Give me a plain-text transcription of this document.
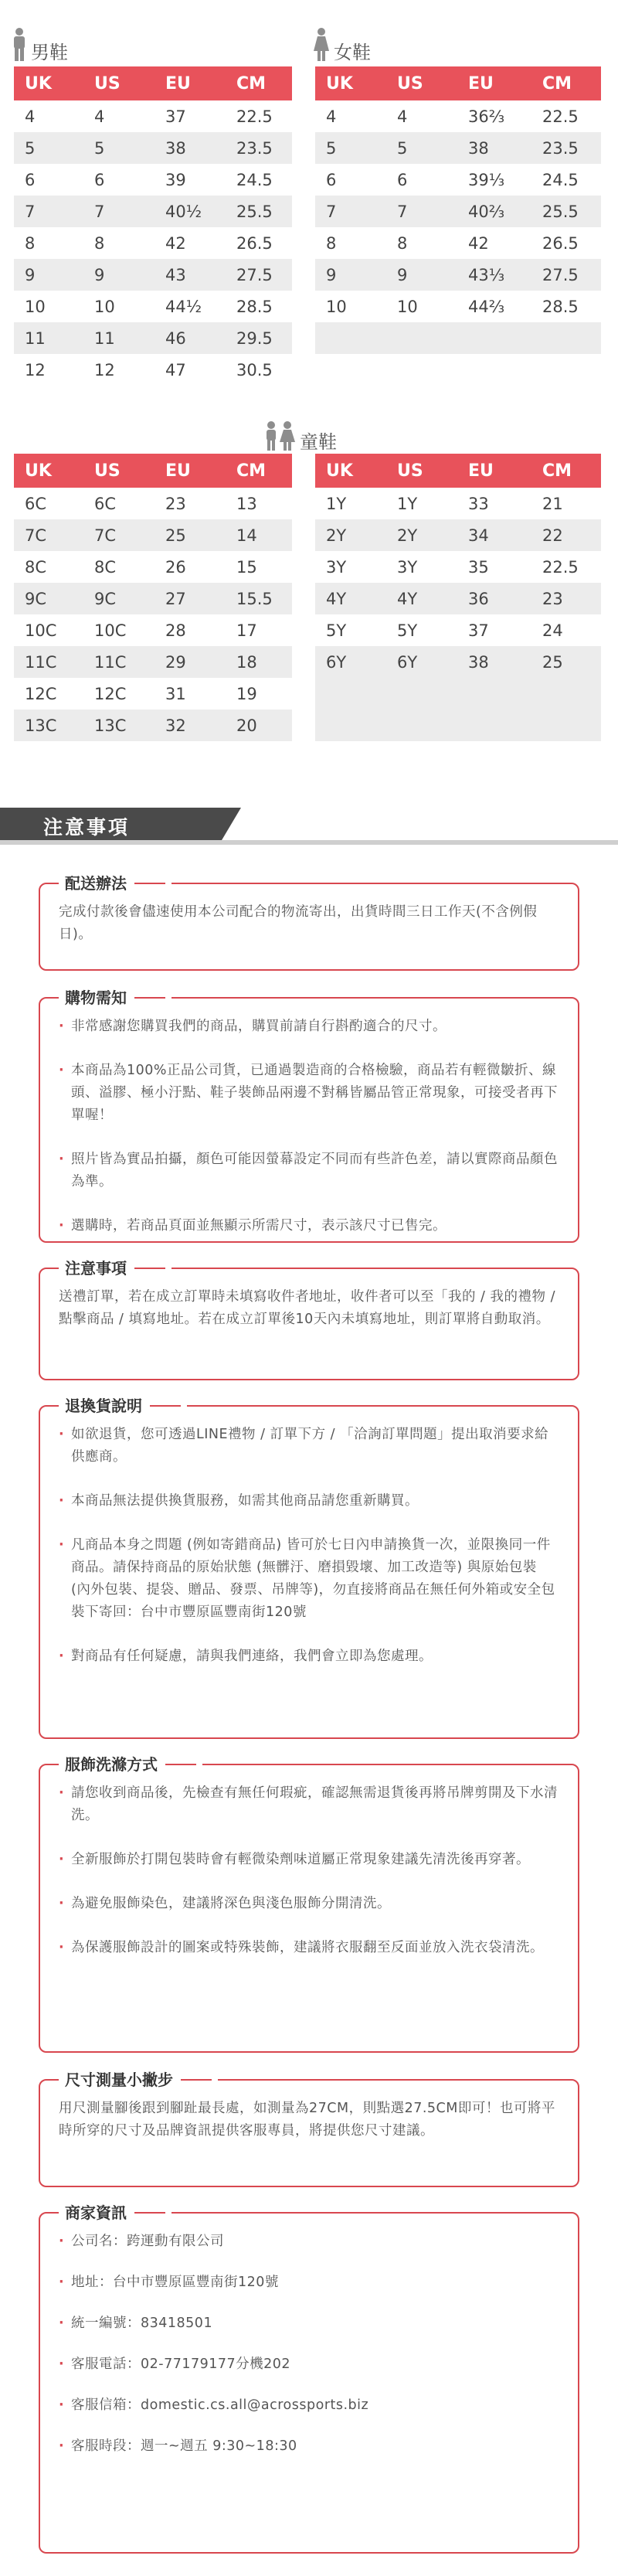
男鞋
UK	US	EU	CM
4	4	37	22.5
5	5	38	23.5
6	6	39	24.5
7	7	40½	25.5
8	8	42	26.5
9	9	43	27.5
10	10	44½	28.5
11	11	46	29.5
12	12	47	30.5
女鞋
UK	US	EU	CM
4	4	36⅔	22.5
5	5	38	23.5
6	6	39⅓	24.5
7	7	40⅔	25.5
8	8	42	26.5
9	9	43⅓	27.5
10	10	44⅔	28.5

童鞋
UK	US	EU	CM
6C	6C	23	13
7C	7C	25	14
8C	8C	26	15
9C	9C	27	15.5
10C	10C	28	17
11C	11C	29	18
12C	12C	31	19
13C	13C	32	20
UK	US	EU	CM
1Y	1Y	33	21
2Y	2Y	34	22
3Y	3Y	35	22.5
4Y	4Y	36	23
5Y	5Y	37	24
6Y	6Y	38	25

注意事項
配送辦法

完成付款後會儘速使用本公司配合的物流寄出，出貨時間三日工作天(不含例假日)。

購物需知
· 非常感謝您購買我們的商品，購買前請自行斟酌適合的尺寸。
· 本商品為100%正品公司貨，已通過製造商的合格檢驗，商品若有輕微皺折、線頭、溢膠、極小汙點、鞋子裝飾品兩邊不對稱皆屬品管正常現象，可接受者再下單喔！
· 照片皆為實品拍攝，顏色可能因螢幕設定不同而有些許色差，請以實際商品顏色為準。
· 選購時，若商品頁面並無顯示所需尺寸，表示該尺寸已售完。
注意事項

送禮訂單，若在成立訂單時未填寫收件者地址，收件者可以至「我的 / 我的禮物 / 點擊商品 / 填寫地址。若在成立訂單後10天內未填寫地址，則訂單將自動取消。

退換貨說明
· 如欲退貨，您可透過LINE禮物 / 訂單下方 / 「洽詢訂單問題」提出取消要求給供應商。
· 本商品無法提供換貨服務，如需其他商品請您重新購買。
· 凡商品本身之問題 (例如寄錯商品) 皆可於七日內申請換貨一次，並限換同一件商品。請保持商品的原始狀態 (無髒汙、磨損毀壞、加工改造等) 與原始包裝 (內外包裝、提袋、贈品、發票、吊牌等)，勿直接將商品在無任何外箱或安全包裝下寄回：台中市豐原區豐南街120號
· 對商品有任何疑慮，請與我們連絡，我們會立即為您處理。
服飾洗滌方式
· 請您收到商品後，先檢查有無任何瑕疵，確認無需退貨後再將吊牌剪開及下水清洗。
· 全新服飾於打開包裝時會有輕微染劑味道屬正常現象建議先清洗後再穿著。
· 為避免服飾染色，建議將深色與淺色服飾分開清洗。
· 為保護服飾設計的圖案或特殊裝飾，建議將衣服翻至反面並放入洗衣袋清洗。
尺寸測量小撇步

用尺測量腳後跟到腳趾最長處，如測量為27CM，則點選27.5CM即可！也可將平時所穿的尺寸及品牌資訊提供客服專員，將提供您尺寸建議。

商家資訊
· 公司名：跨運動有限公司
· 地址：台中市豐原區豐南街120號
· 統一編號：83418501
· 客服電話：02-77179177分機202
· 客服信箱：domestic.cs.all@acrossports.biz
· 客服時段：週一~週五 9:30~18:30
